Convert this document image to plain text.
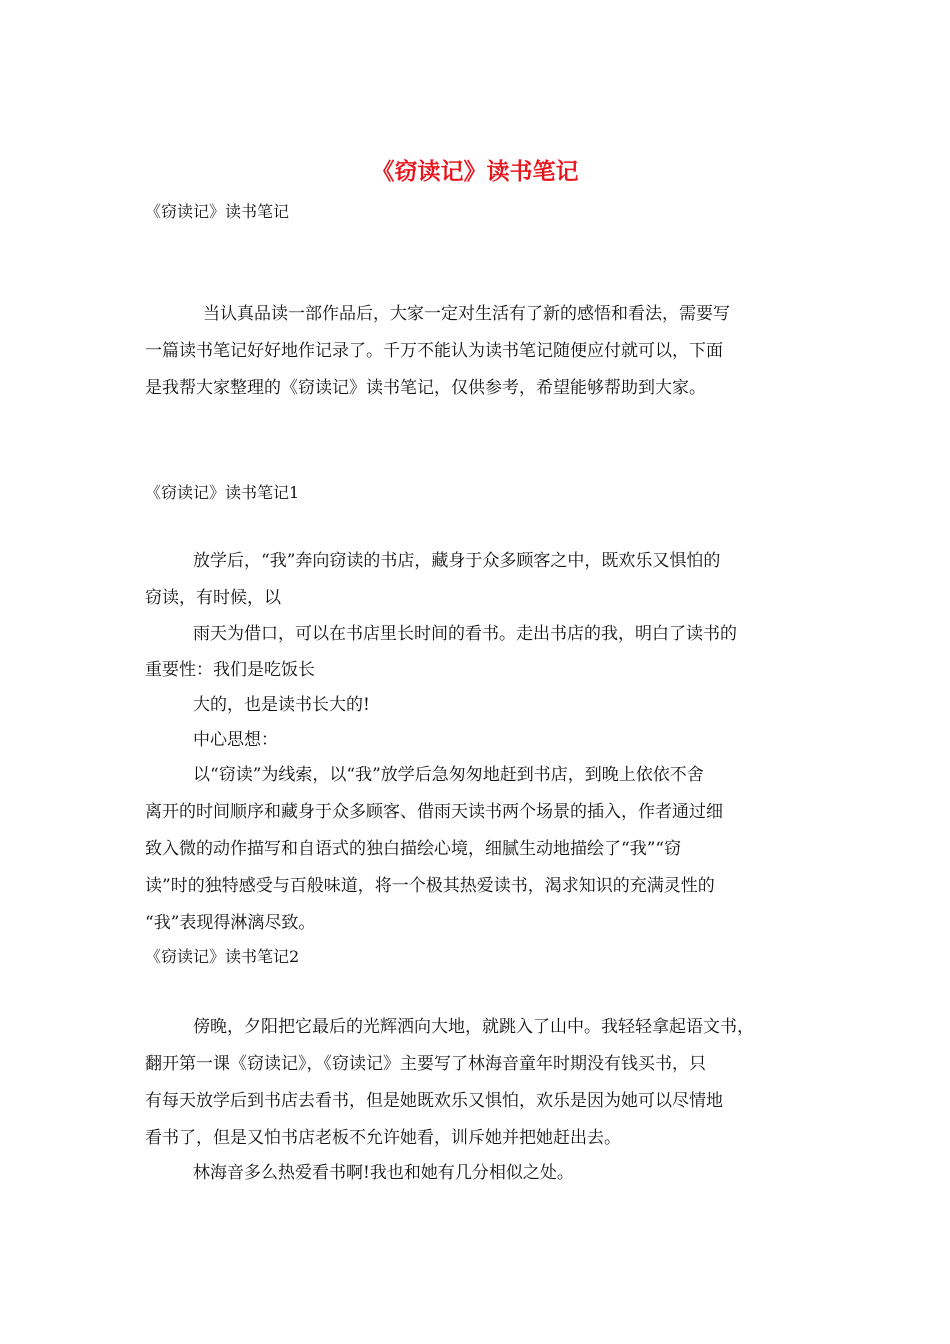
《窃读记》读书笔记
《窃读记》读书笔记
当认真品读一部作品后，大家一定对生活有了新的感悟和看法，需要写
一篇读书笔记好好地作记录了。千万不能认为读书笔记随便应付就可以，下面
是我帮大家整理的《窃读记》读书笔记，仅供参考，希望能够帮助到大家。
《窃读记》读书笔记1
放学后，“我”奔向窃读的书店，藏身于众多顾客之中，既欢乐又惧怕的
窃读，有时候，以
雨天为借口，可以在书店里长时间的看书。走出书店的我，明白了读书的
重要性：我们是吃饭长
大的，也是读书长大的!
中心思想：
以“窃读”为线索，以“我”放学后急匆匆地赶到书店，到晚上依依不舍
离开的时间顺序和藏身于众多顾客、借雨天读书两个场景的插入，作者通过细
致入微的动作描写和自语式的独白描绘心境，细腻生动地描绘了“我”“窃
读”时的独特感受与百般味道，将一个极其热爱读书，渴求知识的充满灵性的
“我”表现得淋漓尽致。
《窃读记》读书笔记2
傍晚，夕阳把它最后的光辉洒向大地，就跳入了山中。我轻轻拿起语文书，
翻开第一课《窃读记》，《窃读记》主要写了林海音童年时期没有钱买书，只
有每天放学后到书店去看书，但是她既欢乐又惧怕，欢乐是因为她可以尽情地
看书了，但是又怕书店老板不允许她看，训斥她并把她赶出去。
林海音多么热爱看书啊!我也和她有几分相似之处。
